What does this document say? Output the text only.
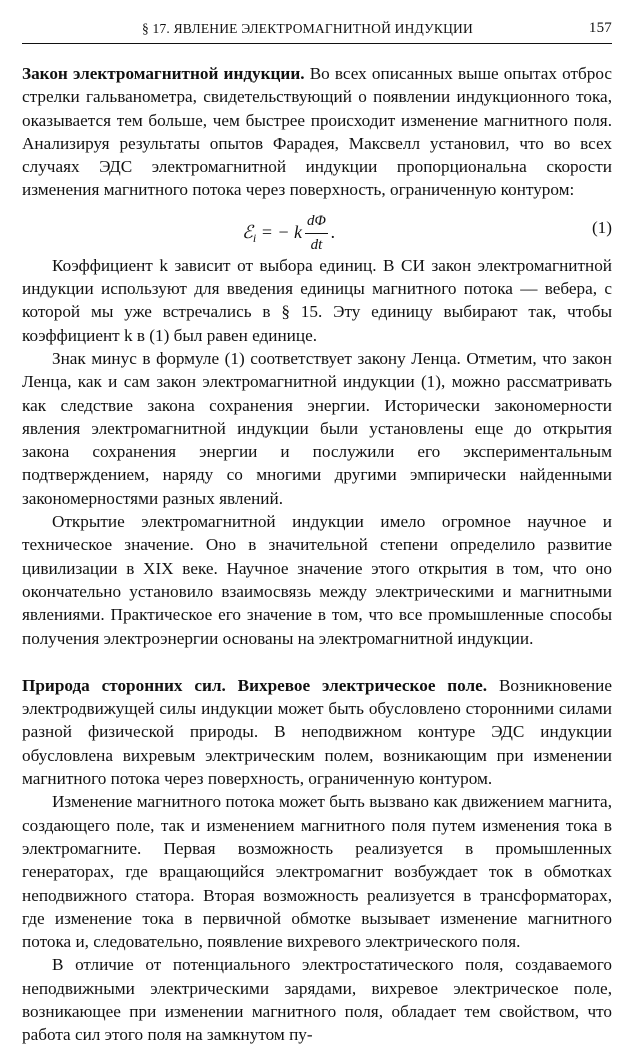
§ 17. ЯВЛЕНИЕ ЭЛЕКТРОМАГНИТНОЙ ИНДУКЦИИ	157

Закон электромагнитной индукции. Во всех описанных выше опытах отброс стрелки гальванометра, свидетельствующий о появлении индукционного тока, оказывается тем больше, чем быстрее происходит изменение магнитного поля. Анализируя результаты опытов Фарадея, Максвелл установил, что во всех случаях ЭДС электромагнитной индукции пропорциональна скорости изменения магнитного потока через поверхность, ограниченную контуром:

ℰ$_i$ = − k $\frac{d\Phi}{dt}$ .	(1)

Коэффициент k зависит от выбора единиц. В СИ закон электромагнитной индукции используют для введения единицы магнитного потока — вебера, с которой мы уже встречались в § 15. Эту единицу выбирают так, чтобы коэффициент k в (1) был равен единице.

Знак минус в формуле (1) соответствует закону Ленца. Отметим, что закон Ленца, как и сам закон электромагнитной индукции (1), можно рассматривать как следствие закона сохранения энергии. Исторически закономерности явления электромагнитной индукции были установлены еще до открытия закона сохранения энергии и послужили его экспериментальным подтверждением, наряду со многими другими эмпирически найденными закономерностями разных явлений.

Открытие электромагнитной индукции имело огромное научное и техническое значение. Оно в значительной степени определило развитие цивилизации в XIX веке. Научное значение этого открытия в том, что оно окончательно установило взаимосвязь между электрическими и магнитными явлениями. Практическое его значение в том, что все промышленные способы получения электроэнергии основаны на электромагнитной индукции.

Природа сторонних сил. Вихревое электрическое поле. Возникновение электродвижущей силы индукции может быть обусловлено сторонними силами разной физической природы. В неподвижном контуре ЭДС индукции обусловлена вихревым электрическим полем, возникающим при изменении магнитного потока через поверхность, ограниченную контуром.

Изменение магнитного потока может быть вызвано как движением магнита, создающего поле, так и изменением магнитного поля путем изменения тока в электромагните. Первая возможность реализуется в промышленных генераторах, где вращающийся электромагнит возбуждает ток в обмотках неподвижного статора. Вторая возможность реализуется в трансформаторах, где изменение тока в первичной обмотке вызывает изменение магнитного потока и, следовательно, появление вихревого электрического поля.

В отличие от потенциального электростатического поля, создаваемого неподвижными электрическими зарядами, вихревое электрическое поле, возникающее при изменении магнитного поля, обладает тем свойством, что работа сил этого поля на замкнутом пу-
